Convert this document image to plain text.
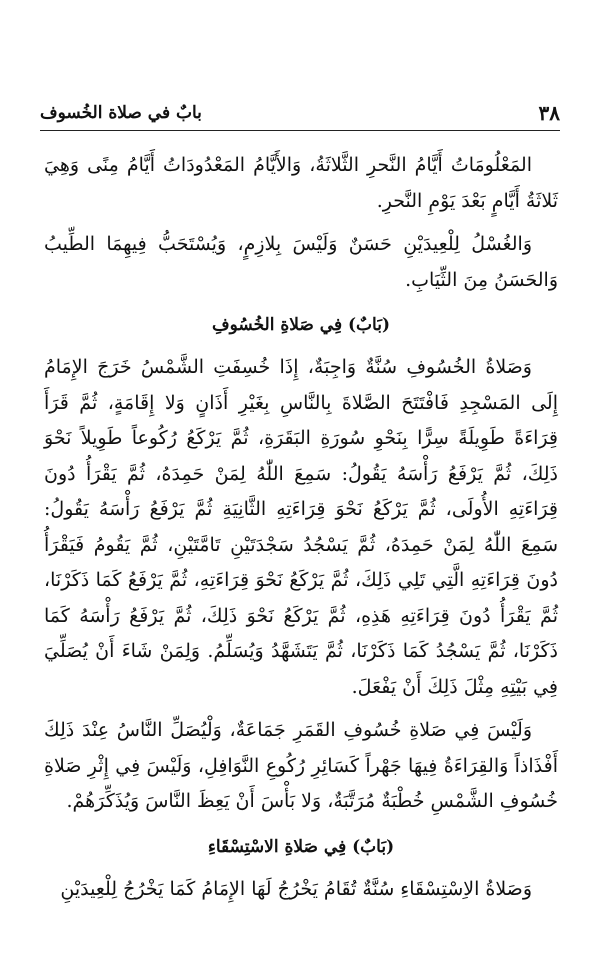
٣٨
بابٌ في صلاة الخُسوف

المَعْلُومَاتُ أَيَّامُ النَّحرِ الثَّلاثَةُ، وَالأَيَّامُ المَعْدُودَاتُ أَيَّامُ مِنًى وَهِيَ ثَلاثَةُ أَيَّامٍ بَعْدَ يَوْمِ النَّحرِ.

وَالغُسْلُ لِلْعِيدَيْنِ حَسَنٌ وَلَيْسَ بِلازِمٍ، وَيُسْتَحَبُّ فِيهِمَا الطِّيبُ وَالحَسَنُ مِنَ الثِّيَابِ.

(بَابٌ) فِي صَلاةِ الخُسُوفِ

وَصَلاةُ الخُسُوفِ سُنَّةٌ وَاجِبَةٌ، إِذَا خُسِفَتِ الشَّمْسُ خَرَجَ الإِمَامُ إِلَى المَسْجِدِ فَافْتَتَحَ الصَّلاةَ بِالنَّاسِ بِغَيْرِ أَذَانٍ وَلا إِقَامَةٍ، ثُمَّ قَرَأَ قِرَاءَةً طَوِيلَةً سِرًّا بِنَحْوِ سُورَةِ البَقَرَةِ، ثُمَّ يَرْكَعُ رُكُوعاً طَوِيلاً نَحْوَ ذَلِكَ، ثُمَّ يَرْفَعُ رَأْسَهُ يَقُولُ: سَمِعَ اللّٰهُ لِمَنْ حَمِدَهُ، ثُمَّ يَقْرَأُ دُونَ قِرَاءَتِهِ الأُولَى، ثُمَّ يَرْكَعُ نَحْوَ قِرَاءَتِهِ الثَّانِيَةِ ثُمَّ يَرْفَعُ رَأْسَهُ يَقُولُ: سَمِعَ اللّٰهُ لِمَنْ حَمِدَهُ، ثُمَّ يَسْجُدُ سَجْدَتَيْنِ تَامَّتَيْنِ، ثُمَّ يَقُومُ فَيَقْرَأُ دُونَ قِرَاءَتِهِ الَّتِي تَلِي ذَلِكَ، ثُمَّ يَرْكَعُ نَحْوَ قِرَاءَتِهِ، ثُمَّ يَرْفَعُ كَمَا ذَكَرْنَا، ثُمَّ يَقْرَأُ دُونَ قِرَاءَتِهِ هَذِهِ، ثُمَّ يَرْكَعُ نَحْوَ ذَلِكَ، ثُمَّ يَرْفَعُ رَأْسَهُ كَمَا ذَكَرْنَا، ثُمَّ يَسْجُدُ كَمَا ذَكَرْنَا، ثُمَّ يَتَشَهَّدُ وَيُسَلِّمُ. وَلِمَنْ شَاءَ أَنْ يُصَلِّيَ فِي بَيْتِهِ مِثْلَ ذَلِكَ أَنْ يَفْعَلَ.

وَلَيْسَ فِي صَلاةِ خُسُوفِ القَمَرِ جَمَاعَةٌ، وَلْيُصَلِّ النَّاسُ عِنْدَ ذَلِكَ أَفْذَاذاً وَالقِرَاءَةُ فِيهَا جَهْراً كَسَائِرِ رُكُوعِ النَّوَافِلِ، وَلَيْسَ فِي إِثْرِ صَلاةِ خُسُوفِ الشَّمْسِ خُطْبَةٌ مُرَتَّبَةٌ، وَلا بَأْسَ أَنْ يَعِظَ النَّاسَ وَيُذَكِّرَهُمْ.

(بَابٌ) فِي صَلاةِ الاسْتِسْقَاءِ

وَصَلاةُ الاِسْتِسْقَاءِ سُنَّةٌ تُقَامُ يَخْرُجُ لَهَا الإِمَامُ كَمَا يَخْرُجُ لِلْعِيدَيْنِ
